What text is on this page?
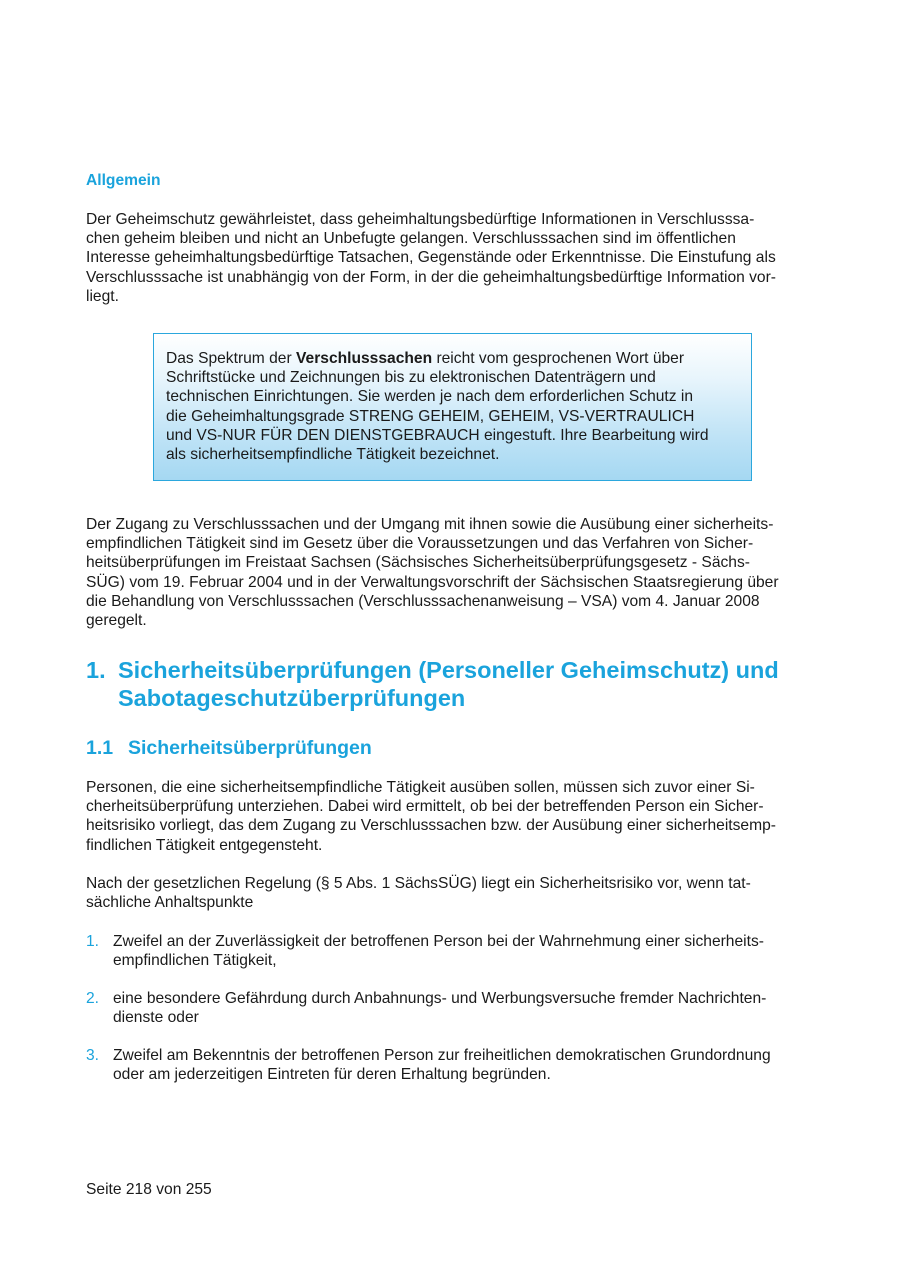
Allgemein

Der Geheimschutz gewährleistet, dass geheimhaltungsbedürftige Informationen in Verschlusssa-
chen geheim bleiben und nicht an Unbefugte gelangen. Verschlusssachen sind im öffentlichen
Interesse geheimhaltungsbedürftige Tatsachen, Gegenstände oder Erkenntnisse. Die Einstufung als
Verschlusssache ist unabhängig von der Form, in der die geheimhaltungsbedürftige Information vor-
liegt.

Das Spektrum der Verschlusssachen reicht vom gesprochenen Wort über

Schriftstücke und Zeichnungen bis zu elektronischen Datenträgern und

technischen Einrichtungen. Sie werden je nach dem erforderlichen Schutz in

die Geheimhaltungsgrade STRENG GEHEIM, GEHEIM, VS-VERTRAULICH

und VS-NUR FÜR DEN DIENSTGEBRAUCH eingestuft. Ihre Bearbeitung wird

als sicherheitsempfindliche Tätigkeit bezeichnet.

Der Zugang zu Verschlusssachen und der Umgang mit ihnen sowie die Ausübung einer sicherheits-
empfindlichen Tätigkeit sind im Gesetz über die Voraussetzungen und das Verfahren von Sicher-
heitsüberprüfungen im Freistaat Sachsen (Sächsisches Sicherheitsüberprüfungsgesetz - Sächs-
SÜG) vom 19. Februar 2004 und in der Verwaltungsvorschrift der Sächsischen Staatsregierung über
die Behandlung von Verschlusssachen (Verschlusssachenanweisung – VSA) vom 4. Januar 2008
geregelt.
1. Sicherheitsüberprüfungen (Personeller Geheimschutz) und
Sabotageschutzüberprüfungen
1.1 Sicherheitsüberprüfungen
Personen, die eine sicherheitsempfindliche Tätigkeit ausüben sollen, müssen sich zuvor einer Si-
cherheitsüberprüfung unterziehen. Dabei wird ermittelt, ob bei der betreffenden Person ein Sicher-
heitsrisiko vorliegt, das dem Zugang zu Verschlusssachen bzw. der Ausübung einer sicherheitsemp-
findlichen Tätigkeit entgegensteht.
Nach der gesetzlichen Regelung (§ 5 Abs. 1 SächsSÜG) liegt ein Sicherheitsrisiko vor, wenn tat-
sächliche Anhaltspunkte
1. Zweifel an der Zuverlässigkeit der betroffenen Person bei der Wahrnehmung einer sicherheits-
empfindlichen Tätigkeit,
2. eine besondere Gefährdung durch Anbahnungs- und Werbungsversuche fremder Nachrichten-
dienste oder
3. Zweifel am Bekenntnis der betroffenen Person zur freiheitlichen demokratischen Grundordnung
oder am jederzeitigen Eintreten für deren Erhaltung begründen.

Seite 218 von 255
